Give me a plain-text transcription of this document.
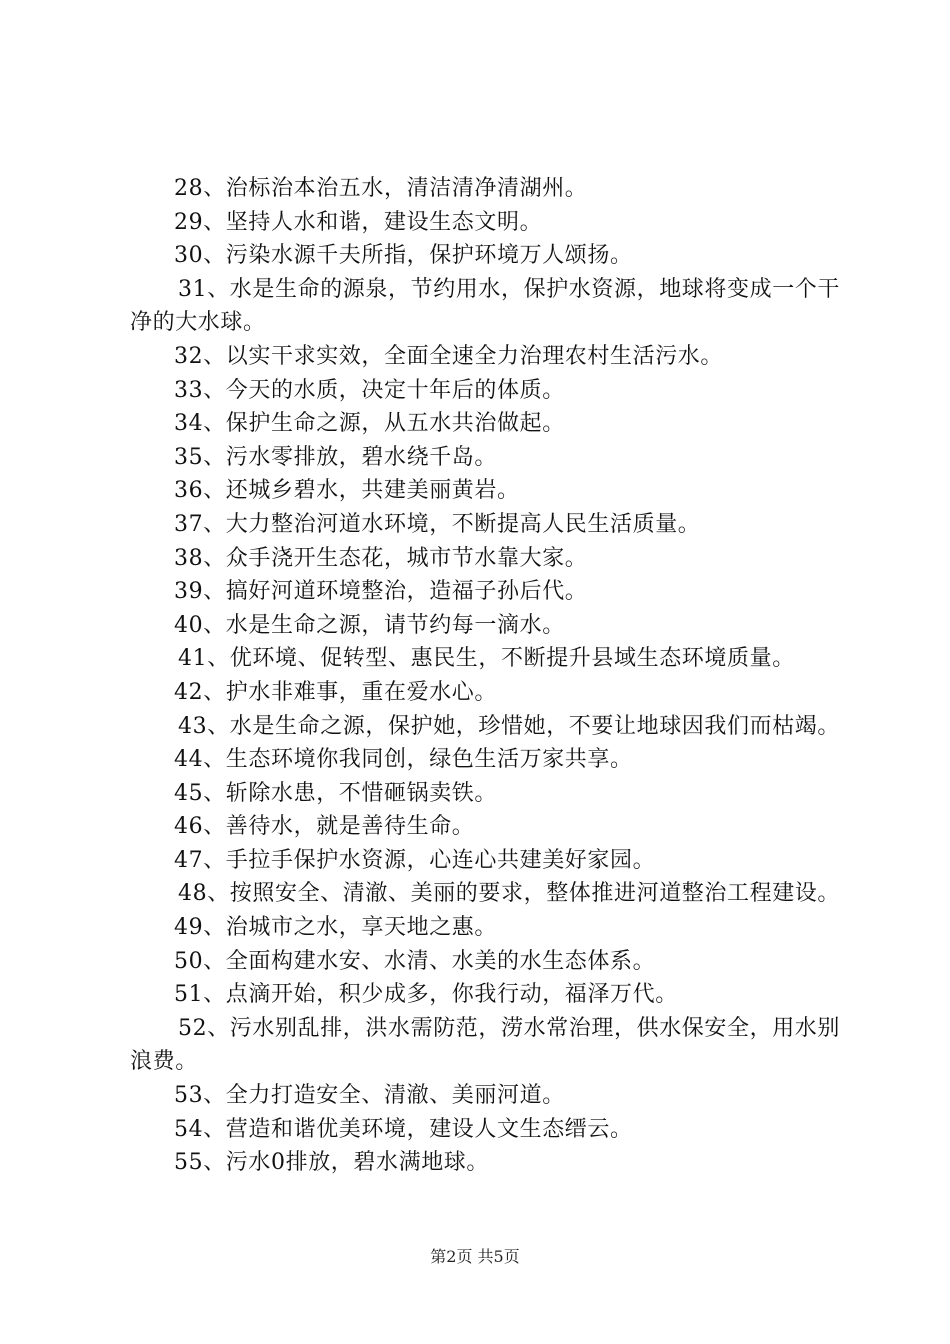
28、治标治本治五水，清洁清净清湖州。

29、坚持人水和谐，建设生态文明。

30、污染水源千夫所指，保护环境万人颂扬。

31、水是生命的源泉，节约用水，保护水资源，地球将变成一个干净的大水球。

32、以实干求实效，全面全速全力治理农村生活污水。

33、今天的水质，决定十年后的体质。

34、保护生命之源，从五水共治做起。

35、污水零排放，碧水绕千岛。

36、还城乡碧水，共建美丽黄岩。

37、大力整治河道水环境，不断提高人民生活质量。

38、众手浇开生态花，城市节水靠大家。

39、搞好河道环境整治，造福子孙后代。

40、水是生命之源，请节约每一滴水。

41、优环境、促转型、惠民生，不断提升县域生态环境质量。

42、护水非难事，重在爱水心。

43、水是生命之源，保护她，珍惜她，不要让地球因我们而枯竭。

44、生态环境你我同创，绿色生活万家共享。

45、斩除水患，不惜砸锅卖铁。

46、善待水，就是善待生命。

47、手拉手保护水资源，心连心共建美好家园。

48、按照安全、清澈、美丽的要求，整体推进河道整治工程建设。

49、治城市之水，享天地之惠。

50、全面构建水安、水清、水美的水生态体系。

51、点滴开始，积少成多，你我行动，福泽万代。

52、污水别乱排，洪水需防范，涝水常治理，供水保安全，用水别浪费。

53、全力打造安全、清澈、美丽河道。

54、营造和谐优美环境，建设人文生态缙云。

55、污水0排放，碧水满地球。

第2页 共5页
